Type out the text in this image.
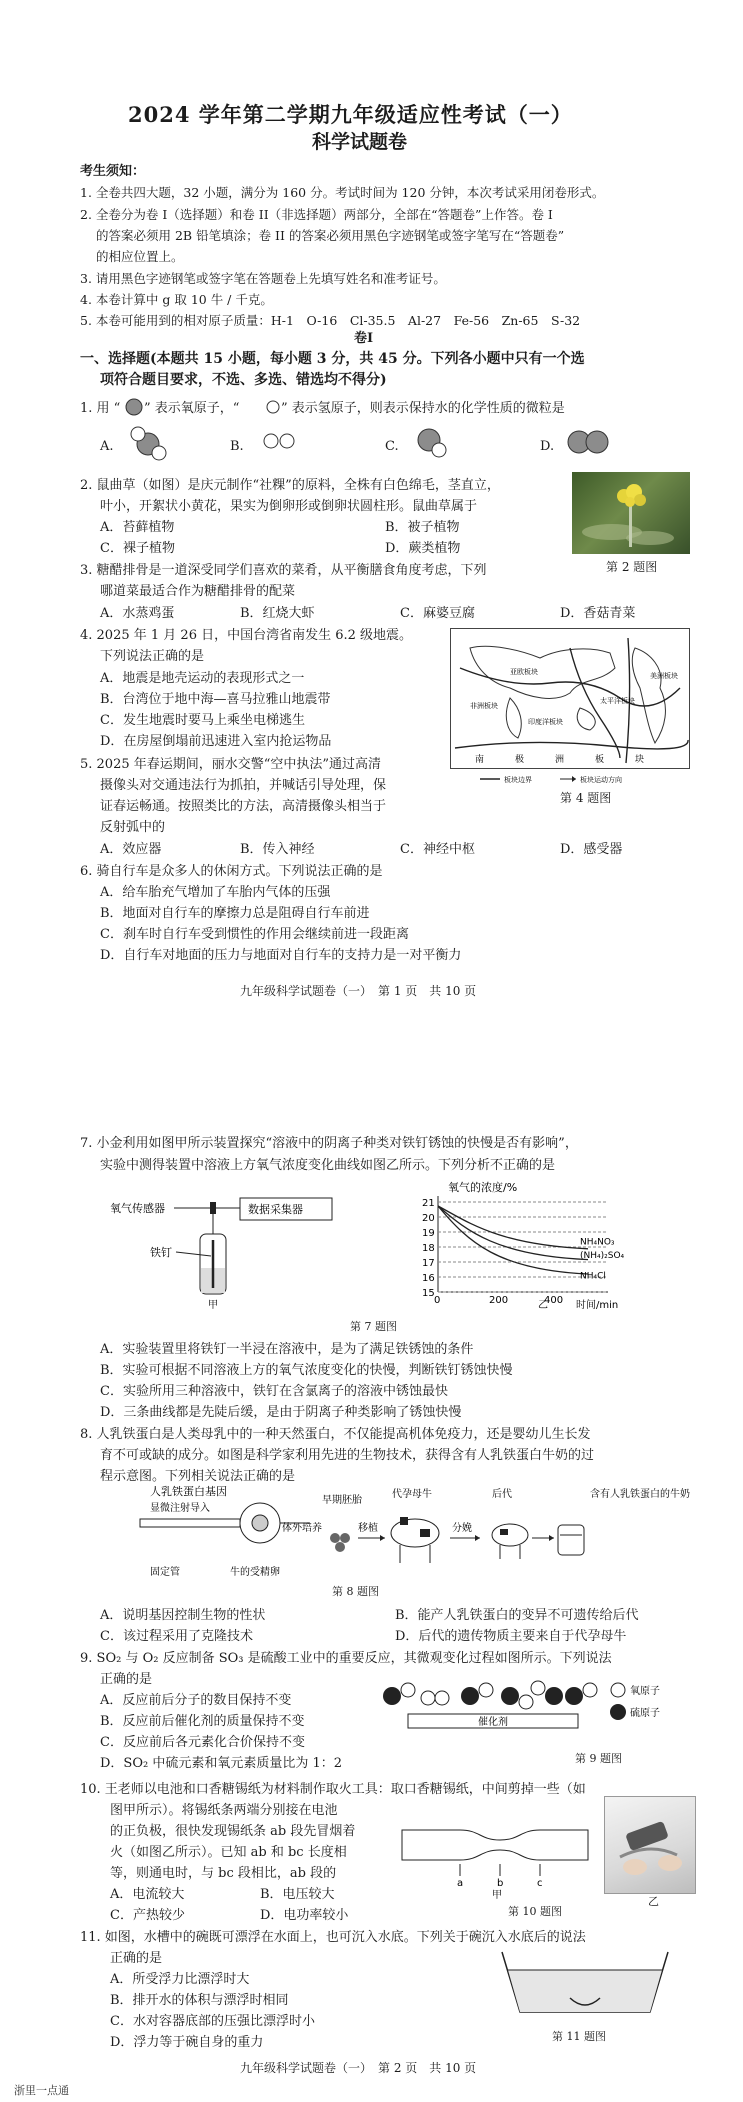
2024 学年第二学期九年级适应性考试（一）
科学试题卷
考生须知：
1. 全卷共四大题，32 小题，满分为 160 分。考试时间为 120 分钟，本次考试采用闭卷形式。
2. 全卷分为卷 I（选择题）和卷 II（非选择题）两部分，全部在“答题卷”上作答。卷 I
的答案必须用 2B 铅笔填涂；卷 II 的答案必须用黑色字迹钢笔或签字笔写在“答题卷”
的相应位置上。
3. 请用黑色字迹钢笔或签字笔在答题卷上先填写姓名和准考证号。
4. 本卷计算中 g 取 10 牛 / 千克。
5. 本卷可能用到的相对原子质量：H-1　O-16　Cl-35.5　Al-27　Fe-56　Zn-65　S-32
卷I
一、选择题(本题共 15 小题，每小题 3 分，共 45 分。下列各小题中只有一个选
项符合题目要求，不选、多选、错选均不得分)
1. 用 “ ” 表示氧原子，“	” 表示氢原子，则表示保持水的化学性质的微粒是
A.	B.	C.	D.
2. 鼠曲草（如图）是庆元制作“社粿”的原料，全株有白色绵毛，茎直立，
叶小，开絮状小黄花，果实为倒卵形或倒卵状圆柱形。鼠曲草属于
A．苔藓植物	B．被子植物
C．裸子植物	D．蕨类植物
第 2 题图
3. 糖醋排骨是一道深受同学们喜欢的菜肴，从平衡膳食角度考虑，下列
哪道菜最适合作为糖醋排骨的配菜
A．水蒸鸡蛋	B．红烧大虾	C．麻婆豆腐	D．香菇青菜
4. 2025 年 1 月 26 日，中国台湾省南发生 6.2 级地震。
下列说法正确的是
A．地震是地壳运动的表现形式之一
B．台湾位于地中海—喜马拉雅山地震带
C．发生地震时要马上乘坐电梯逃生
D．在房屋倒塌前迅速进入室内抢运物品
亚欧板块
太平洋板块
印度洋板块
非洲板块
美洲板块
南	极	洲	板	块
板块边界	板块运动方向
第 4 题图
5. 2025 年春运期间，丽水交警“空中执法”通过高清
摄像头对交通违法行为抓拍，并喊话引导处理，保
证春运畅通。按照类比的方法，高清摄像头相当于
反射弧中的
A．效应器	B．传入神经	C．神经中枢	D．感受器
6. 骑自行车是众多人的休闲方式。下列说法正确的是
A．给车胎充气增加了车胎内气体的压强
B．地面对自行车的摩擦力总是阻碍自行车前进
C．刹车时自行车受到惯性的作用会继续前进一段距离
D．自行车对地面的压力与地面对自行车的支持力是一对平衡力
九年级科学试题卷（一）　第 1 页　共 10 页
7. 小金利用如图甲所示装置探究“溶液中的阴离子种类对铁钉锈蚀的快慢是否有影响”，
实验中测得装置中溶液上方氧气浓度变化曲线如图乙所示。下列分析不正确的是
氧气传感器	数据采集器
铁钉
甲
第 7 题图
氧气的浓度/%
21
20
19
18
17
16
15
0	200	400
NH₄NO₃
(NH₄)₂SO₄
NH₄Cl
时间/min
乙
A．实验装置里将铁钉一半浸在溶液中，是为了满足铁锈蚀的条件
B．实验可根据不同溶液上方的氧气浓度变化的快慢，判断铁钉锈蚀快慢
C．实验所用三种溶液中，铁钉在含氯离子的溶液中锈蚀最快
D．三条曲线都是先陡后缓，是由于阴离子种类影响了锈蚀快慢
8. 人乳铁蛋白是人类母乳中的一种天然蛋白，不仅能提高机体免疫力，还是婴幼儿生长发
育不可或缺的成分。如图是科学家利用先进的生物技术，获得含有人乳铁蛋白牛奶的过
程示意图。下列相关说法正确的是
人乳铁蛋白基因
显微注射导入
体外培养
早期胚胎
移植
代孕母牛
分娩
后代	含有人乳铁蛋白的牛奶
固定管	牛的受精卵
第 8 题图
A．说明基因控制生物的性状	B．能产人乳铁蛋白的变异不可遗传给后代
C．该过程采用了克隆技术	D．后代的遗传物质主要来自于代孕母牛
9. SO₂ 与 O₂ 反应制备 SO₃ 是硫酸工业中的重要反应，其微观变化过程如图所示。下列说法
正确的是
A．反应前后分子的数目保持不变
B．反应前后催化剂的质量保持不变
C．反应前后各元素化合价保持不变
D．SO₂ 中硫元素和氧元素质量比为 1：2
催化剂
氧原子
硫原子
第 9 题图
10. 王老师以电池和口香糖锡纸为材料制作取火工具：取口香糖锡纸，中间剪掉一些（如
图甲所示）。将锡纸条两端分别接在电池
的正负极，很快发现锡纸条 ab 段先冒烟着
火（如图乙所示）。已知 ab 和 bc 长度相
等，则通电时，与 bc 段相比，ab 段的
A．电流较大	B．电压较大
C．产热较少	D．电功率较小
a	b	c
甲	乙
第 10 题图
11. 如图，水槽中的碗既可漂浮在水面上，也可沉入水底。下列关于碗沉入水底后的说法
正确的是
A．所受浮力比漂浮时大
B．排开水的体积与漂浮时相同
C．水对容器底部的压强比漂浮时小
D．浮力等于碗自身的重力	第 11 题图
九年级科学试题卷（一）　第 2 页　共 10 页
浙里一点通
